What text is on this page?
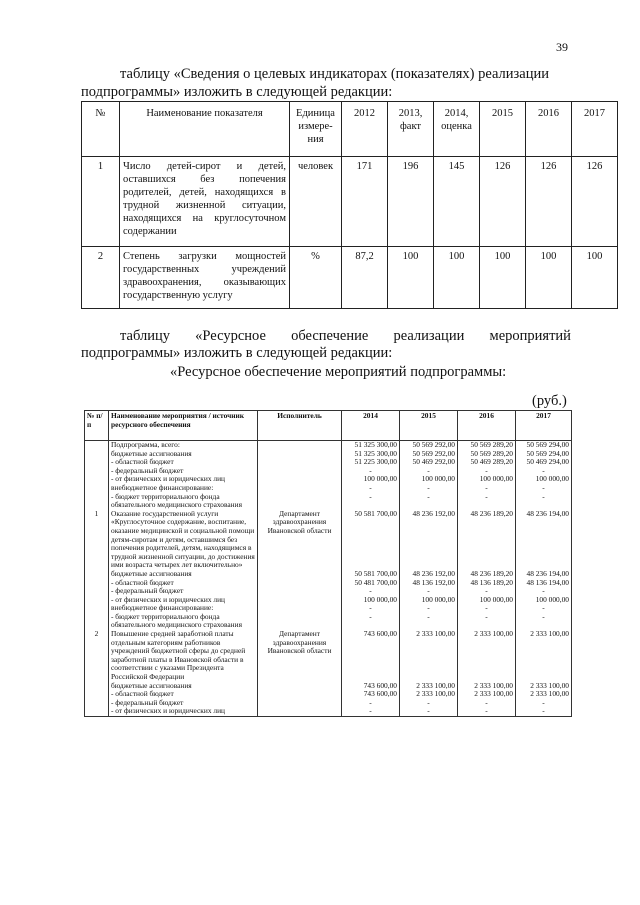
39
таблицу «Сведения о целевых индикаторах (показателях) реализации
подпрограммы» изложить в следующей редакции:
№	Наименование показателя	Единица измере-ния	2012	2013, факт	2014, оценка	2015	2016	2017
1	Число детей-сирот и детей, оставшихся без попечения родителей, детей, находящихся в трудной жизненной ситуации, находящихся на круглосуточном содержании	человек	171	196	145	126	126	126
2	Степень загрузки мощностей государственных учреждений здравоохранения, оказывающих государственную услугу	%	87,2	100	100	100	100	100
таблицу «Ресурсное обеспечение реализации мероприятий
подпрограммы» изложить в следующей редакции:
«Ресурсное обеспечение мероприятий подпрограммы:
(руб.)
№ п/п	Наименование мероприятия / источник ресурсного обеспечения	Исполнитель	2014	2015	2016	2017
	Подпрограмма, всего:		51 325 300,00	50 569 292,00	50 569 289,20	50 569 294,00
	бюджетные ассигнования		51 325 300,00	50 569 292,00	50 569 289,20	50 569 294,00
	- областной бюджет		51 225 300,00	50 469 292,00	50 469 289,20	50 469 294,00
	- федеральный бюджет		-	-	-	-
	- от физических и юридических лиц		100 000,00	100 000,00	100 000,00	100 000,00
	внебюджетное финансирование:		-	-	-	-
	- бюджет территориального фонда обязательного медицинского страхования		-	-	-	-
1	Оказание государственной услуги «Круглосуточное содержание, воспитание, оказание медицинской и социальной помощи детям-сиротам и детям, оставшимся без попечения родителей, детям, находящимся в трудной жизненной ситуации, до достижения ими возраста четырех лет включительно»	Департамент здравоохранения Ивановской области	50 581 700,00	48 236 192,00	48 236 189,20	48 236 194,00
	бюджетные ассигнования		50 581 700,00	48 236 192,00	48 236 189,20	48 236 194,00
	- областной бюджет		50 481 700,00	48 136 192,00	48 136 189,20	48 136 194,00
	- федеральный бюджет		-	-	-	-
	- от физических и юридических лиц		100 000,00	100 000,00	100 000,00	100 000,00
	внебюджетное финансирование:		-	-	-	-
	- бюджет территориального фонда обязательного медицинского страхования		-	-	-	-
2	Повышение средней заработной платы отдельным категориям работников учреждений бюджетной сферы до средней заработной платы в Ивановской области в соответствии с указами Президента Российской Федерации	Департамент здравоохранения Ивановской области	743 600,00	2 333 100,00	2 333 100,00	2 333 100,00
	бюджетные ассигнования		743 600,00	2 333 100,00	2 333 100,00	2 333 100,00
	- областной бюджет		743 600,00	2 333 100,00	2 333 100,00	2 333 100,00
	- федеральный бюджет		-	-	-	-
	- от физических и юридических лиц		-	-	-	-
